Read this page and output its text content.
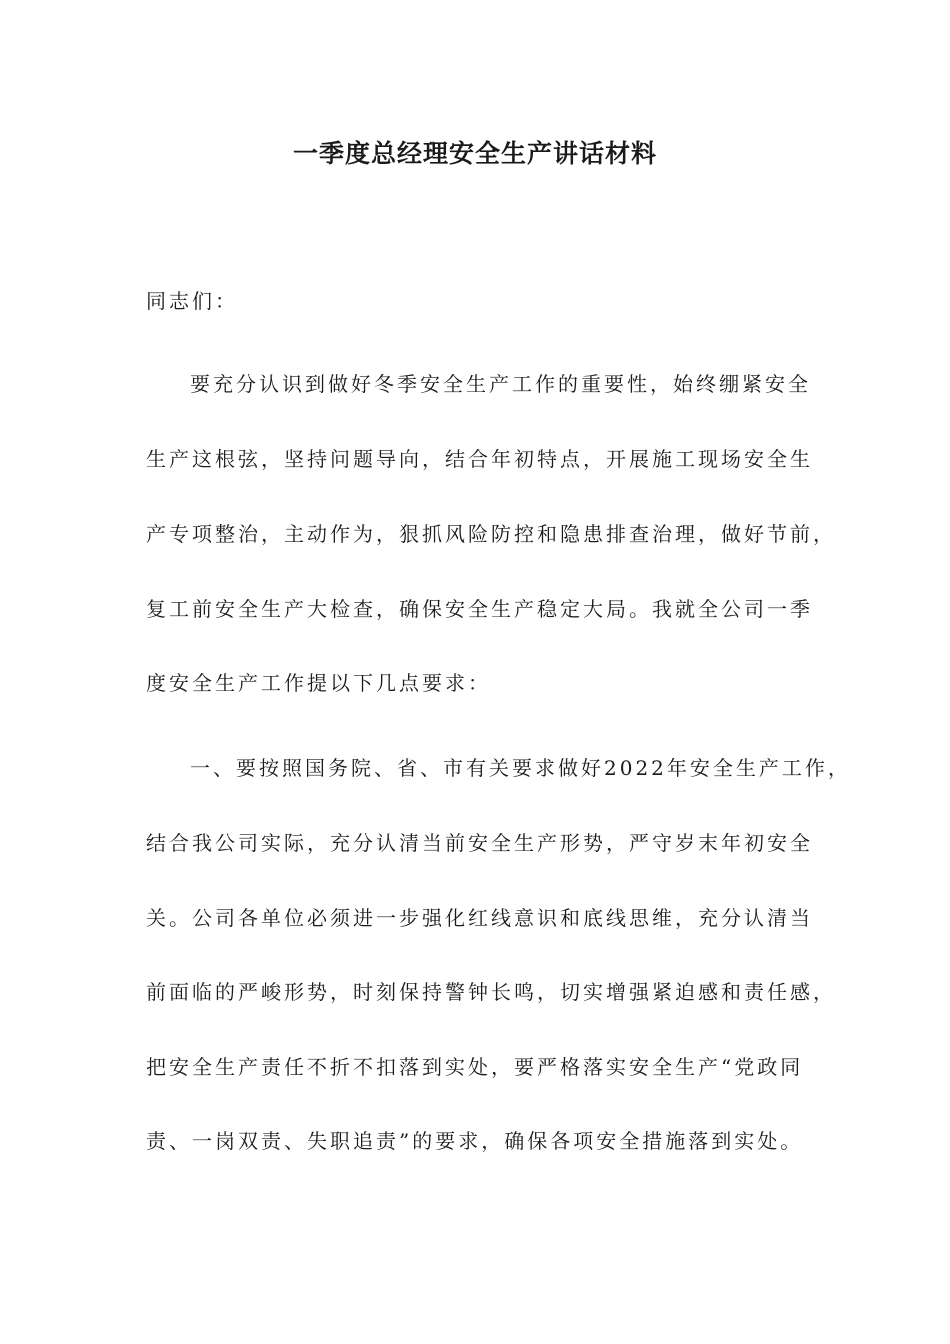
一季度总经理安全生产讲话材料

同志们：

要充分认识到做好冬季安全生产工作的重要性，始终绷紧安全

生产这根弦，坚持问题导向，结合年初特点，开展施工现场安全生

产专项整治，主动作为，狠抓风险防控和隐患排查治理，做好节前，

复工前安全生产大检查，确保安全生产稳定大局。我就全公司一季

度安全生产工作提以下几点要求：

一、要按照国务院、省、市有关要求做好2022年安全生产工作，

结合我公司实际，充分认清当前安全生产形势，严守岁末年初安全

关。公司各单位必须进一步强化红线意识和底线思维，充分认清当

前面临的严峻形势，时刻保持警钟长鸣，切实增强紧迫感和责任感，

把安全生产责任不折不扣落到实处，要严格落实安全生产“党政同

责、一岗双责、失职追责”的要求，确保各项安全措施落到实处。
